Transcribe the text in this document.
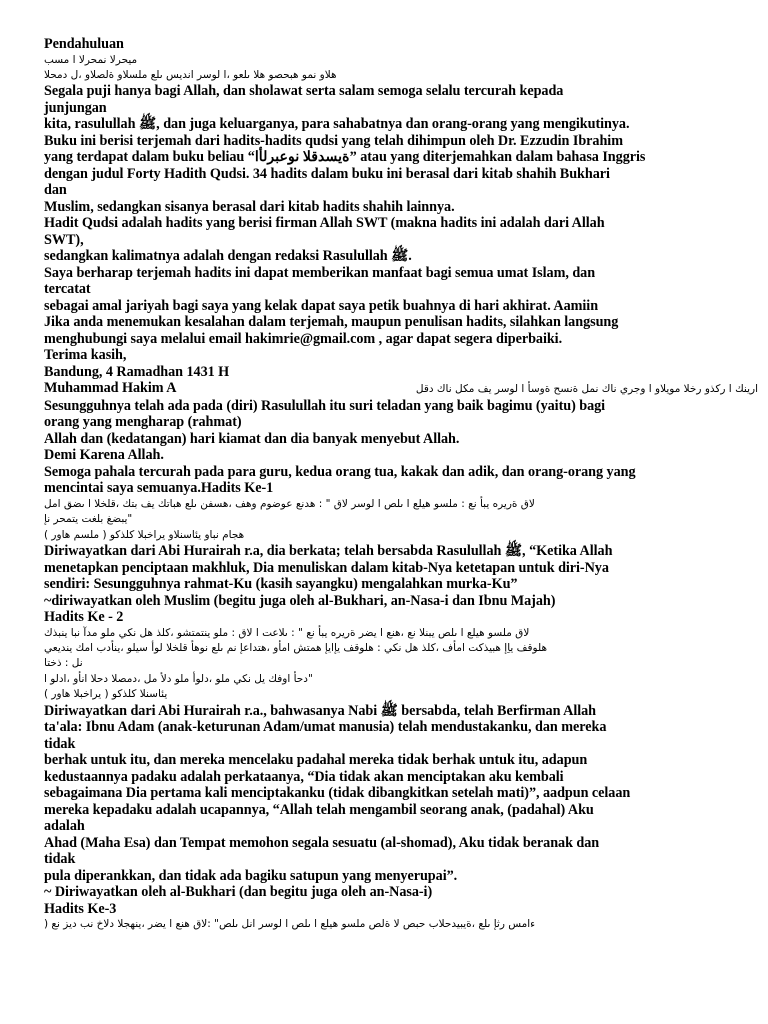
Pendahuluan
ميحرلا نمحرلا ا مسب
هلاو نمو هبحصو هلا ىلعو ،ا لوسر اندیس ىلع ملسلاو ةلصلاو ،ل دمحلا
Segala puji hanya bagi Allah, dan sholawat serta salam semoga selalu tercurah kepada
junjungan
kita, rasulullah ﷺ, dan juga keluarganya, para sahabatnya dan orang-orang yang mengikutinya.
Buku ini berisi terjemah dari hadits-hadits qudsi yang telah dihimpun oleh Dr. Ezzudin Ibrahim
yang terdapat dalam buku beliau “ةيسدقلا نوعبرلأا” atau yang diterjemahkan dalam bahasa Inggris
dengan judul Forty Hadith Qudsi. 34 hadits dalam buku ini berasal dari kitab shahih Bukhari
dan
Muslim, sedangkan sisanya berasal dari kitab hadits shahih lainnya.
Hadit Qudsi adalah hadits yang berisi firman Allah SWT (makna hadits ini adalah dari Allah
SWT),
sedangkan kalimatnya adalah dengan redaksi Rasulullah ﷺ.
Saya berharap terjemah hadits ini dapat memberikan manfaat bagi semua umat Islam, dan
tercatat
sebagai amal jariyah bagi saya yang kelak dapat saya petik buahnya di hari akhirat. Aamiin
Jika anda menemukan kesalahan dalam terjemah, maupun penulisan hadits, silahkan langsung
menghubungi saya melalui email hakimrie@gmail.com , agar dapat segera diperbaiki.
Terima kasih,
Bandung, 4 Ramadhan 1431 H
Muhammad Hakim A	ارينك ا ركذو رخلا مويلاو ا وجري ناك نمل ةنسح ةوسأ ا لوسر يف مكل ناك دقل
Sesungguhnya telah ada pada (diri) Rasulullah itu suri teladan yang baik bagimu (yaitu) bagi
orang yang mengharap (rahmat)
Allah dan (kedatangan) hari kiamat dan dia banyak menyebut Allah.
Demi Karena Allah.
Semoga pahala tercurah pada para guru, kedua orang tua, kakak dan adik, dan orang-orang yang
mencintai saya semuanya.Hadits Ke-1
لاق ةريره يبأ نع : ملسو هيلع ا ىلص ا لوسر لاق " : هدنع عوضوم وهف ،هسفن ىلع هباتك يف بتك ،قلخلا ا ىضق امل
"يبضغ بلغت يتمحر نإ
هجام نباو يئاسنلاو يراخبلا كلذكو ( ملسم هاور )
Diriwayatkan dari Abi Hurairah r.a, dia berkata; telah bersabda Rasulullah ﷺ, “Ketika Allah
menetapkan penciptaan makhluk, Dia menuliskan dalam kitab-Nya ketetapan untuk diri-Nya
sendiri: Sesungguhnya rahmat-Ku (kasih sayangku) mengalahkan murka-Ku”
~diriwayatkan oleh Muslim (begitu juga oleh al-Bukhari, an-Nasa-i dan Ibnu Majah)
Hadits Ke - 2
لاق ملسو هيلع ا ىلص يبنلا نع ،هنع ا يضر ةريره يبأ نع " : ىلاعت ا لاق : ملو ينتمتشو ،كلذ هل نكي ملو مدآ نبا ينبذك
هلوقف ياِإ هبيذكت امأف ،كلذ هل نكي : هلوقف يإايإ همتش امأو ،هتداعإ نم ىلع نوهأ قلخلا لوأ سيلو ،ينأدب امك ينديعي
نل : ذختا
"دحأ اوفك يل نكي ملو ،دلوأ ملو دلأ مل ،دمصلا دحلا انأو ،ادلو ا
يئاسنلا كلذكو ( يراخبلا هاور )
Diriwayatkan dari Abi Hurairah r.a., bahwasanya Nabi ﷺ bersabda, telah Berfirman Allah
ta'ala: Ibnu Adam (anak-keturunan Adam/umat manusia) telah mendustakanku, dan mereka
tidak
berhak untuk itu, dan mereka mencelaku padahal mereka tidak berhak untuk itu, adapun
kedustaannya padaku adalah perkataanya, “Dia tidak akan menciptakan aku kembali
sebagaimana Dia pertama kali menciptakanku (tidak dibangkitkan setelah mati)”, aadpun celaan
mereka kepadaku adalah ucapannya, “Allah telah mengambil seorang anak, (padahal) Aku
adalah
Ahad (Maha Esa) dan Tempat memohon segala sesuatu (al-shomad), Aku tidak beranak dan
tidak
pula diperankkan, dan tidak ada bagiku satupun yang menyerupai”.
~ Diriwayatkan oleh al-Bukhari (dan begitu juga oleh an-Nasa-i)
Hadits Ke-3
ءامس رثإ ىلع ،ةيبيدحلاب حبص لا ةلص ملسو هيلع ا ىلص ا لوسر انل ىلص" :لاق هنع ا يضر ،ينهجلا دلاخ نب ديز نع (
